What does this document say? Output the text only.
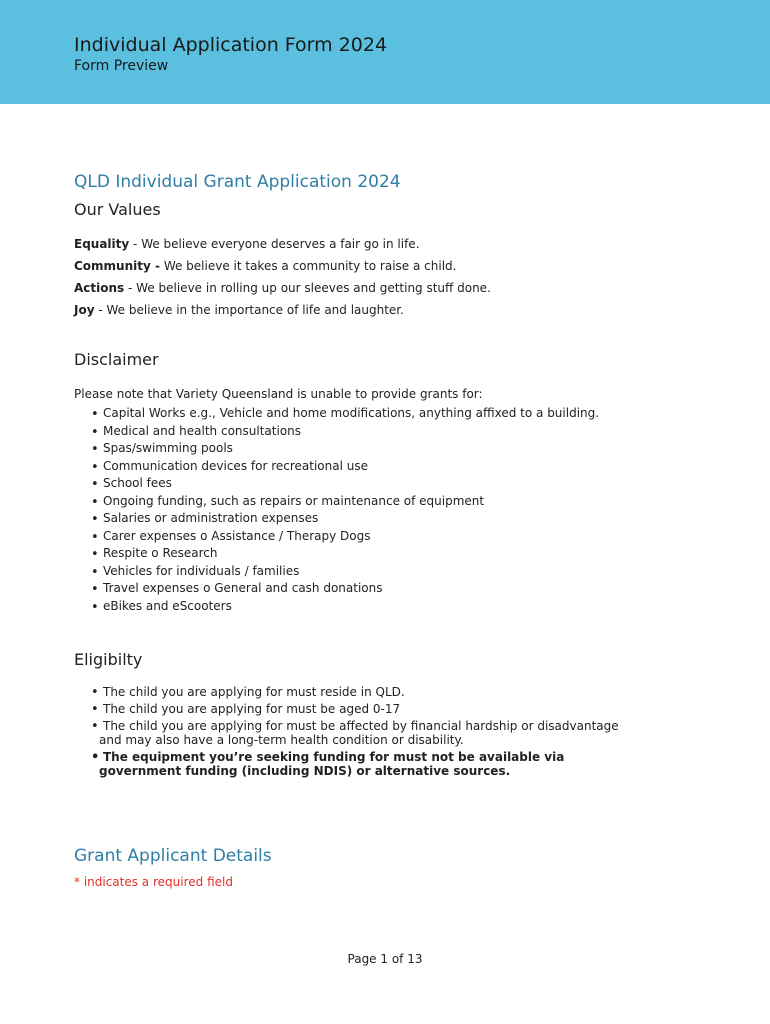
Individual Application Form 2024
Form Preview
QLD Individual Grant Application 2024
Our Values

Equality - We believe everyone deserves a fair go in life.

Community - We believe it takes a community to raise a child.

Actions - We believe in rolling up our sleeves and getting stuff done.

Joy - We believe in the importance of life and laughter.

Disclaimer

Please note that Variety Queensland is unable to provide grants for:

• Capital Works e.g., Vehicle and home modifications, anything affixed to a building.
• Medical and health consultations
• Spas/swimming pools
• Communication devices for recreational use
• School fees
• Ongoing funding, such as repairs or maintenance of equipment
• Salaries or administration expenses
• Carer expenses o Assistance / Therapy Dogs
• Respite o Research
• Vehicles for individuals / families
• Travel expenses o General and cash donations
• eBikes and eScooters
Eligibilty
• The child you are applying for must reside in QLD.
• The child you are applying for must be aged 0-17
• The child you are applying for must be affected by financial hardship or disadvantage
and may also have a long-term health condition or disability.
• The equipment you’re seeking funding for must not be available via
government funding (including NDIS) or alternative sources.
Grant Applicant Details

* indicates a required field

Page 1 of 13
